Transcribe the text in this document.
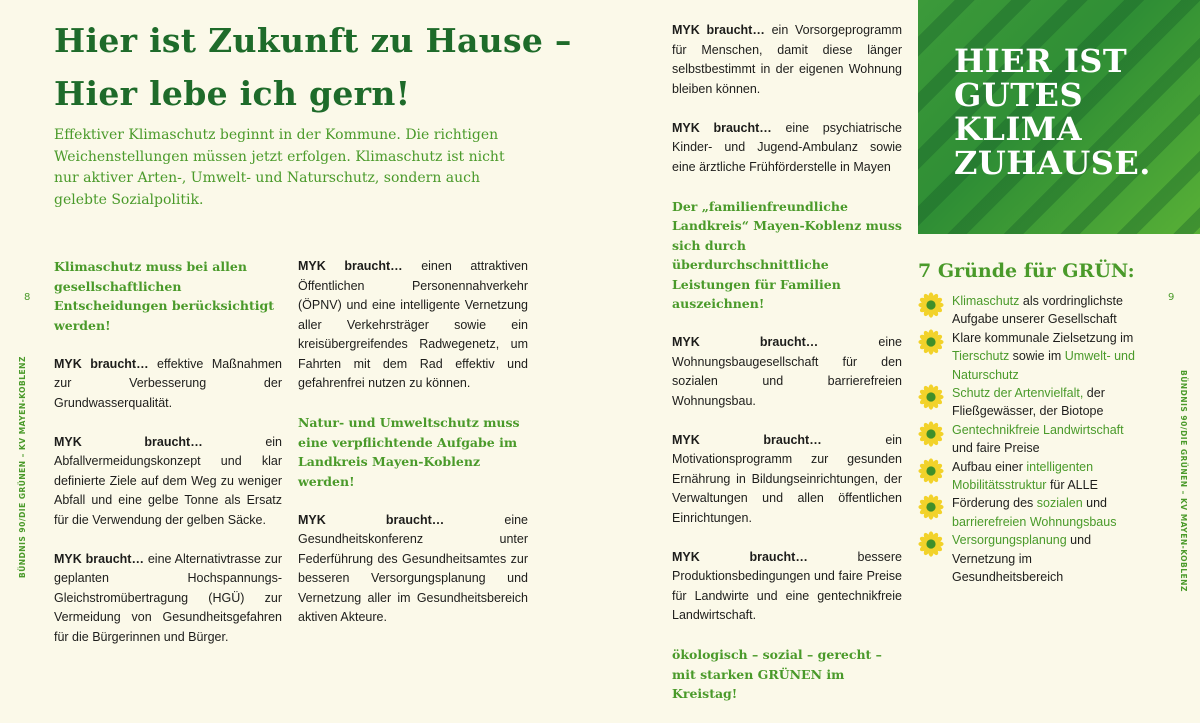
8	9
BÜNDNIS 90/DIE GRÜNEN – KV MAYEN-KOBLENZ	BÜNDNIS 90/DIE GRÜNEN – KV MAYEN-KOBLENZ
Hier ist Zukunft zu Hause –
Hier lebe ich gern!
Effektiver Klimaschutz beginnt in der Kommune. Die richtigen Weichenstellungen müssen jetzt erfolgen. Klimaschutz ist nicht nur aktiver Arten-, Umwelt- und Naturschutz, sondern auch gelebte Sozialpolitik.

Klimaschutz muss bei allen gesellschaftlichen Entscheidungen berücksichtigt werden!

MYK braucht… effektive Maßnahmen zur Verbesserung der Grundwasserqualität.

MYK braucht… ein Abfallvermeidungskonzept und klar definierte Ziele auf dem Weg zu weniger Abfall und eine gelbe Tonne als Ersatz für die Verwendung der gelben Säcke.

MYK braucht… eine Alternativtrasse zur geplanten Hochspannungs-Gleichstromübertragung (HGÜ) zur Vermeidung von Gesundheitsgefahren für die Bürgerinnen und Bürger.

MYK braucht… einen attraktiven Öffentlichen Personennahverkehr (ÖPNV) und eine intelligente Vernetzung aller Verkehrsträger sowie ein kreisübergreifendes Radwegenetz, um Fahrten mit dem Rad effektiv und gefahrenfrei nutzen zu können.

Natur- und Umweltschutz muss eine verpflichtende Aufgabe im Landkreis Mayen-Koblenz werden!

MYK braucht… eine Gesundheitskonferenz unter Federführung des Gesundheitsamtes zur besseren Versorgungsplanung und Vernetzung aller im Gesundheitsbereich aktiven Akteure.

MYK braucht… ein Vorsorgeprogramm für Menschen, damit diese länger selbstbestimmt in der eigenen Wohnung bleiben können.

MYK braucht… eine psychiatrische Kinder- und Jugend-Ambulanz sowie eine ärztliche Frühförderstelle in Mayen

Der „familienfreundliche Landkreis“ Mayen-Koblenz muss sich durch überdurchschnittliche Leistungen für Familien auszeichnen!

MYK braucht… eine Wohnungsbaugesellschaft für den sozialen und barrierefreien Wohnungsbau.

MYK braucht… ein Motivationsprogramm zur gesunden Ernährung in Bildungseinrichtungen, der Verwaltungen und allen öffentlichen Einrichtungen.

MYK braucht… bessere Produktionsbedingungen und faire Preise für Landwirte und eine gentechnikfreie Landwirtschaft.

ökologisch – sozial – gerecht –
mit starken GRÜNEN im Kreistag!

HIER IST
GUTES
KLIMA
ZUHAUSE.
7 Gründe für GRÜN:
Klimaschutz als vordringlichste Aufgabe unserer Gesellschaft
Klare kommunale Zielsetzung im Tierschutz sowie im Umwelt- und Naturschutz
Schutz der Artenvielfalt, der Fließgewässer, der Biotope
Gentechnikfreie Landwirtschaft und faire Preise
Aufbau einer intelligenten Mobilitätsstruktur für ALLE
Förderung des sozialen und barrierefreien Wohnungsbaus
Versorgungsplanung und Vernetzung im Gesundheitsbereich
